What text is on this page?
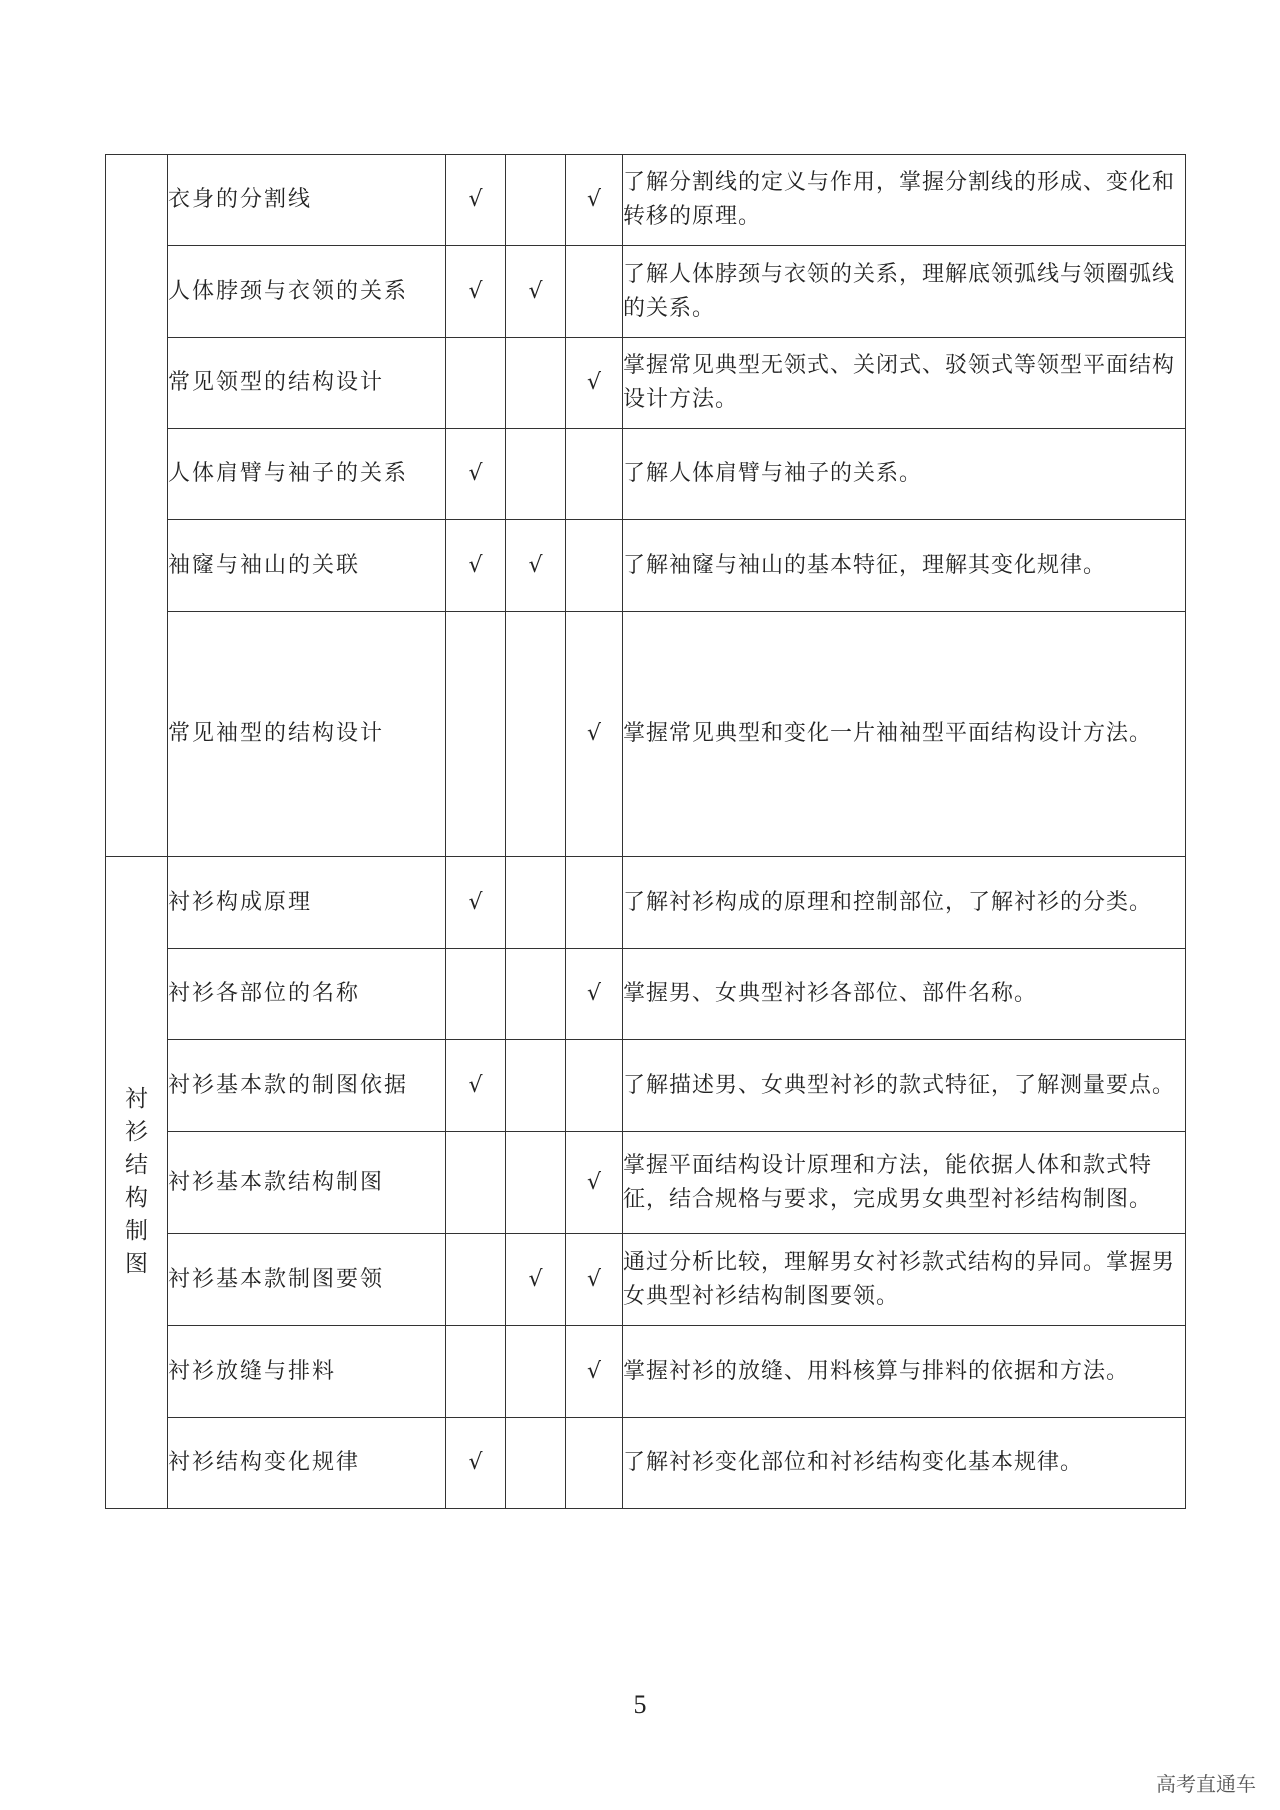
	衣身的分割线	√		√	了解分割线的定义与作用，掌握分割线的形成、变化和转移的原理。
	人体脖颈与衣领的关系	√	√		了解人体脖颈与衣领的关系，理解底领弧线与领圈弧线的关系。
	常见领型的结构设计			√	掌握常见典型无领式、关闭式、驳领式等领型平面结构设计方法。
	人体肩臂与袖子的关系	√			了解人体肩臂与袖子的关系。
	袖窿与袖山的关联	√	√		了解袖窿与袖山的基本特征，理解其变化规律。
	常见袖型的结构设计			√	掌握常见典型和变化一片袖袖型平面结构设计方法。
衬衫结构制图	衬衫构成原理	√			了解衬衫构成的原理和控制部位，了解衬衫的分类。
	衬衫各部位的名称			√	掌握男、女典型衬衫各部位、部件名称。
	衬衫基本款的制图依据	√			了解描述男、女典型衬衫的款式特征，了解测量要点。
	衬衫基本款结构制图			√	掌握平面结构设计原理和方法，能依据人体和款式特征，结合规格与要求，完成男女典型衬衫结构制图。
	衬衫基本款制图要领		√	√	通过分析比较，理解男女衬衫款式结构的异同。掌握男女典型衬衫结构制图要领。
	衬衫放缝与排料			√	掌握衬衫的放缝、用料核算与排料的依据和方法。
	衬衫结构变化规律	√			了解衬衫变化部位和衬衫结构变化基本规律。
5
高考直通车
